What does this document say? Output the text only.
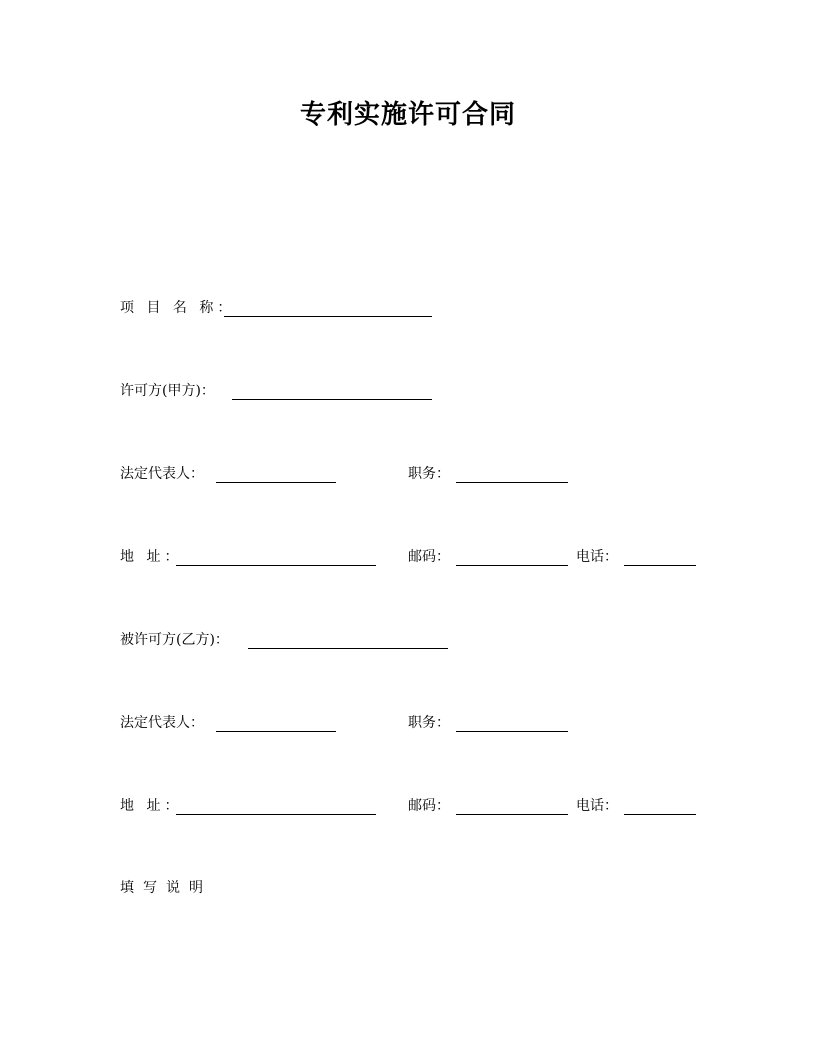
专利实施许可合同
项 目 名 称：
许可方(甲方)：
法定代表人：	职务：
地 址：	邮码：	电话：
被许可方(乙方)：
法定代表人：	职务：
地 址：	邮码：	电话：
填写说明
